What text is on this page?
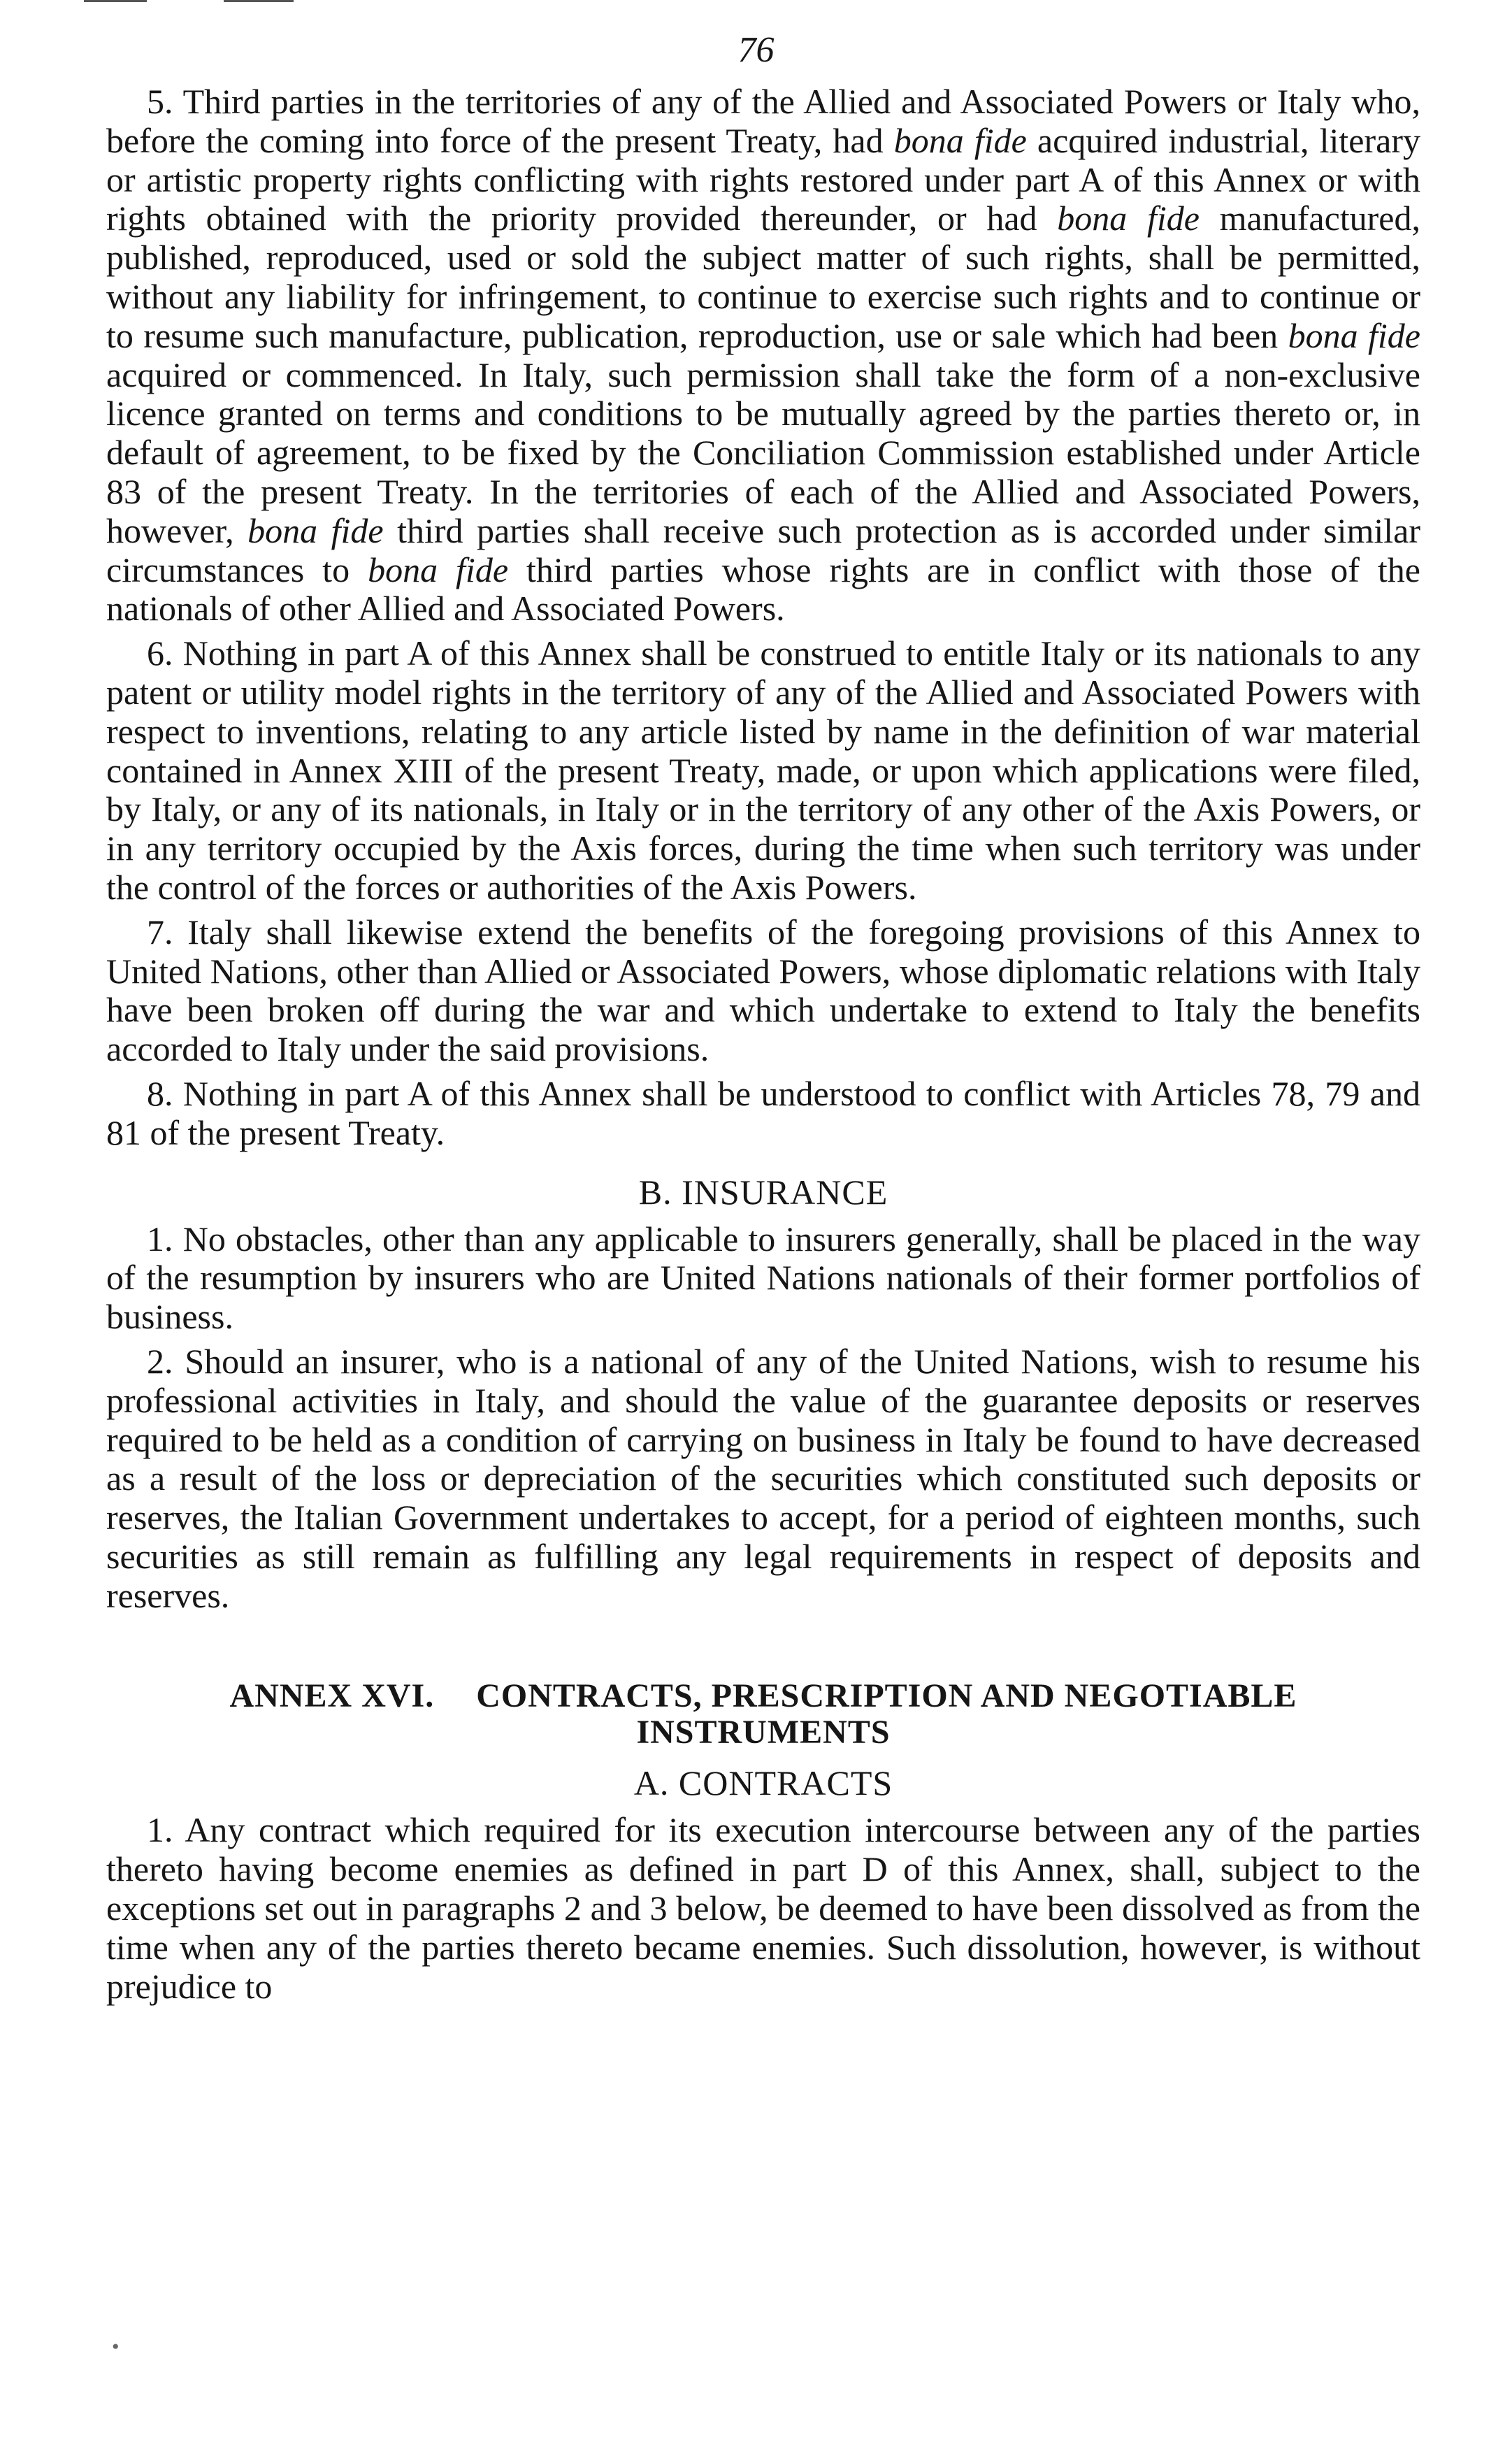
76

5. Third parties in the territories of any of the Allied and Associated Powers or Italy who, before the coming into force of the present Treaty, had bona fide acquired industrial, literary or artistic property rights conflicting with rights restored under part A of this Annex or with rights obtained with the priority provided thereunder, or had bona fide manufactured, published, reproduced, used or sold the subject matter of such rights, shall be permitted, without any liability for infringement, to continue to exercise such rights and to continue or to resume such manufacture, publication, reproduction, use or sale which had been bona fide acquired or commenced. In Italy, such permission shall take the form of a non-exclusive licence granted on terms and conditions to be mutually agreed by the parties thereto or, in default of agreement, to be fixed by the Conciliation Commission established under Article 83 of the present Treaty. In the territories of each of the Allied and Associated Powers, however, bona fide third parties shall receive such protection as is accorded under similar circumstances to bona fide third parties whose rights are in conflict with those of the nationals of other Allied and Associated Powers.

6. Nothing in part A of this Annex shall be construed to entitle Italy or its nationals to any patent or utility model rights in the territory of any of the Allied and Associated Powers with respect to inventions, relating to any article listed by name in the definition of war material contained in Annex XIII of the present Treaty, made, or upon which applications were filed, by Italy, or any of its nationals, in Italy or in the territory of any other of the Axis Powers, or in any territory occupied by the Axis forces, during the time when such territory was under the control of the forces or authorities of the Axis Powers.

7. Italy shall likewise extend the benefits of the foregoing provisions of this Annex to United Nations, other than Allied or Associated Powers, whose diplomatic relations with Italy have been broken off during the war and which undertake to extend to Italy the benefits accorded to Italy under the said provisions.

8. Nothing in part A of this Annex shall be understood to conflict with Articles 78, 79 and 81 of the present Treaty.

B. INSURANCE

1. No obstacles, other than any applicable to insurers generally, shall be placed in the way of the resumption by insurers who are United Nations nationals of their former portfolios of business.

2. Should an insurer, who is a national of any of the United Nations, wish to resume his professional activities in Italy, and should the value of the guarantee deposits or reserves required to be held as a condition of carrying on business in Italy be found to have decreased as a result of the loss or depreciation of the securities which constituted such deposits or reserves, the Italian Government undertakes to accept, for a period of eighteen months, such securities as still remain as fulfilling any legal requirements in respect of deposits and reserves.

ANNEX XVI. CONTRACTS, PRESCRIPTION AND NEGOTIABLE INSTRUMENTS
A. CONTRACTS

1. Any contract which required for its execution intercourse between any of the parties thereto having become enemies as defined in part D of this Annex, shall, subject to the exceptions set out in paragraphs 2 and 3 below, be deemed to have been dissolved as from the time when any of the parties thereto became enemies. Such dissolution, however, is without prejudice to

•
